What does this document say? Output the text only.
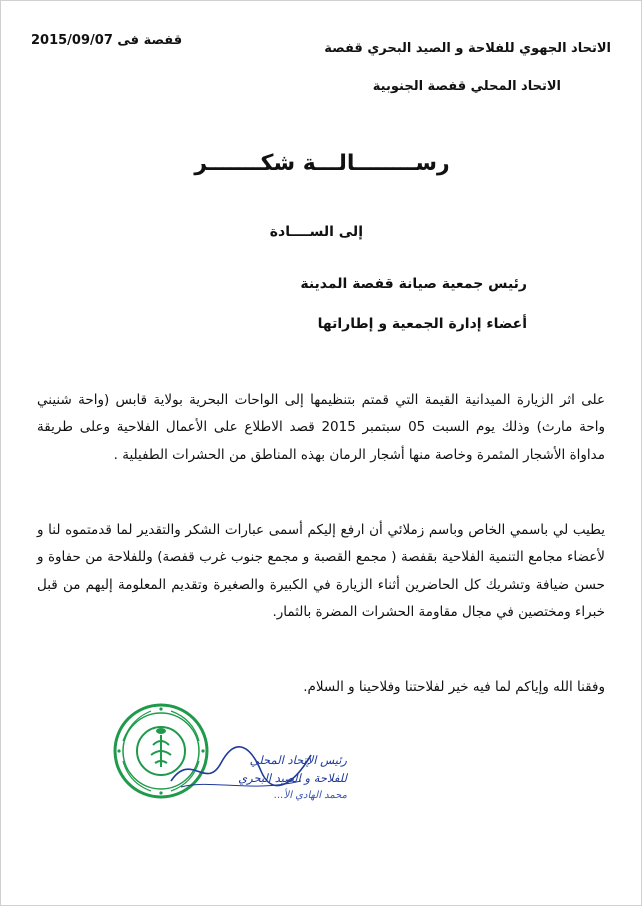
قفصة فى 2015/09/07
الاتحاد الجهوي للفلاحة و الصيد البحري قفصة
الاتحاد المحلي قفصة الجنوبية
رســــــــالـــة شكـــــــر
إلى الســــادة
رئيس جمعية صيانة قفصة المدينة
أعضاء إدارة الجمعية و إطاراتها
على اثر الزيارة الميدانية القيمة التي قمتم بتنظيمها إلى الواحات البحرية بولاية قابس (واحة شنيني واحة مارث) وذلك يوم السبت 05 سبتمبر 2015 قصد الاطلاع على الأعمال الفلاحية وعلى طريقة مداواة الأشجار المثمرة وخاصة منها أشجار الرمان بهذه المناطق من الحشرات الطفيلية .
يطيب لي باسمي الخاص وباسم زملائي أن ارفع إليكم أسمى عبارات الشكر والتقدير لما قدمتموه لنا و لأعضاء مجامع التنمية الفلاحية بقفصة ( مجمع القصبة و مجمع جنوب غرب قفصة) وللفلاحة من حفاوة و حسن ضيافة وتشريك كل الحاضرين أثناء الزيارة في الكبيرة والصغيرة وتقديم المعلومة إليهم من قبل خبراء ومختصين في مجال مقاومة الحشرات المضرة بالثمار.
وفقنا الله وإياكم لما فيه خير لفلاحتنا وفلاحينا و السلام.
رئيس الإتحاد المحلي
للفلاحة و الصيد البحري
محمد الهادي الأ...
